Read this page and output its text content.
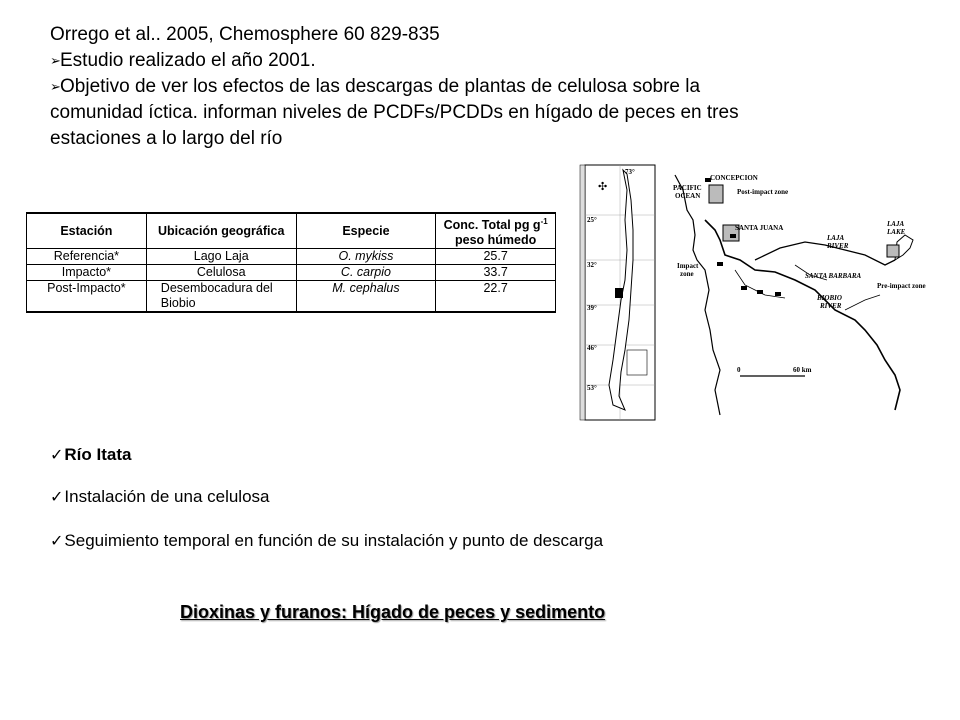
Orrego et al.. 2005, Chemosphere 60 829-835
➢Estudio realizado el año 2001.
➢Objetivo de ver los efectos de las descargas de plantas de celulosa sobre la
comunidad íctica. informan niveles de PCDFs/PCDDs en hígado de peces en tres
estaciones a lo largo del río
Estación	Ubicación geográfica	Especie	Conc. Total pg $g^{-1}$
peso húmedo
Referencia*	Lago Laja	O. mykiss	25.7
Impacto*	Celulosa	C. carpio	33.7
Post-Impacto*	Desembocadura del
Biobio	M. cephalus	22.7
✣
25°
32°
39°
46°
53°
73°
CONCEPCION
PACIFIC
OCEAN	Post-impact zone
SANTA JUANA
LAJA
RIVER
LAJA
LAKE
Impact
zone	SANTA BARBARA
BIOBIO
RIVER
Pre-impact zone
0	60 km
✓Río Itata
✓Instalación de una celulosa
✓Seguimiento temporal en función de su instalación y punto de descarga
Dioxinas y furanos: Hígado de peces y sedimento
